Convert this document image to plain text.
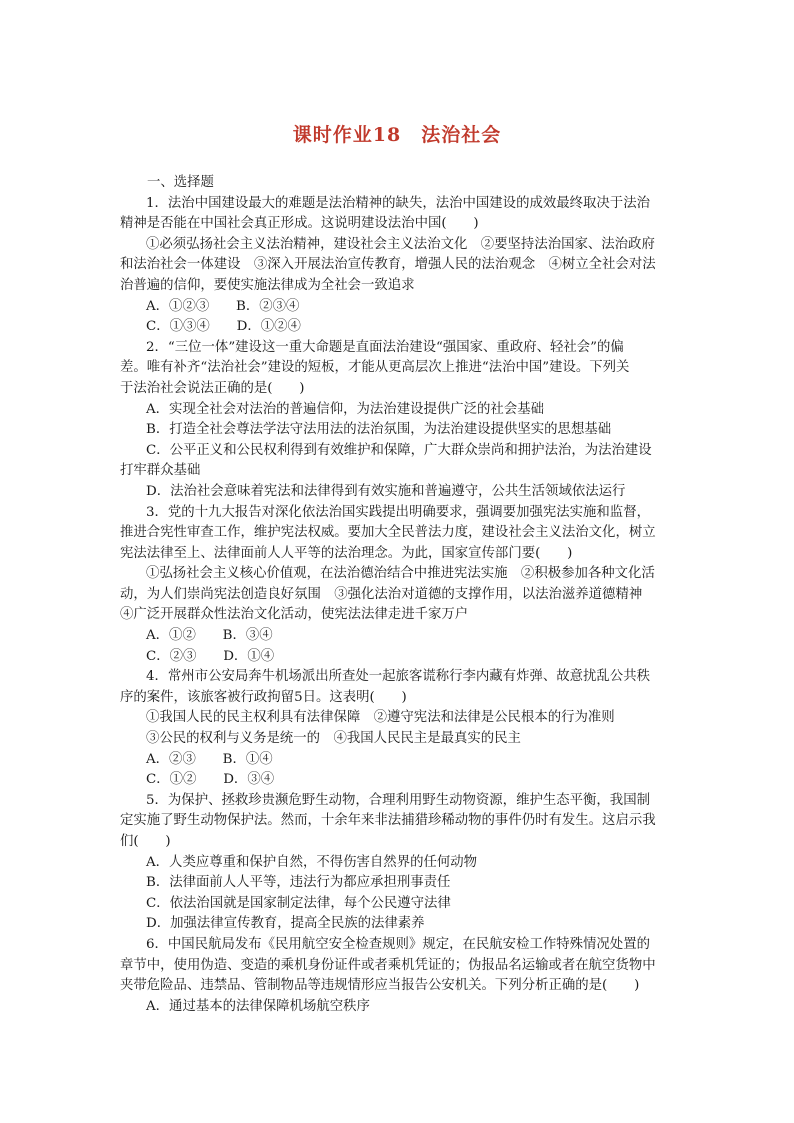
课时作业18　法治社会
一、选择题
1．法治中国建设最大的难题是法治精神的缺失，法治中国建设的成效最终取决于法治
精神是否能在中国社会真正形成。这说明建设法治中国(　　)
①必须弘扬社会主义法治精神，建设社会主义法治文化　②要坚持法治国家、法治政府
和法治社会一体建设　③深入开展法治宣传教育，增强人民的法治观念　④树立全社会对法
治普遍的信仰，要使实施法律成为全社会一致追求
A．①②③　　B．②③④
C．①③④　　D．①②④
2．“三位一体”建设这一重大命题是直面法治建设“强国家、重政府、轻社会”的偏
差。唯有补齐“法治社会”建设的短板，才能从更高层次上推进“法治中国”建设。下列关
于法治社会说法正确的是(　　)
A．实现全社会对法治的普遍信仰，为法治建设提供广泛的社会基础
B．打造全社会尊法学法守法用法的法治氛围，为法治建设提供坚实的思想基础
C．公平正义和公民权利得到有效维护和保障，广大群众崇尚和拥护法治，为法治建设
打牢群众基础
D．法治社会意味着宪法和法律得到有效实施和普遍遵守，公共生活领域依法运行
3．党的十九大报告对深化依法治国实践提出明确要求，强调要加强宪法实施和监督，
推进合宪性审查工作，维护宪法权威。要加大全民普法力度，建设社会主义法治文化，树立
宪法法律至上、法律面前人人平等的法治理念。为此，国家宣传部门要(　　)
①弘扬社会主义核心价值观，在法治德治结合中推进宪法实施　②积极参加各种文化活
动，为人们崇尚宪法创造良好氛围　③强化法治对道德的支撑作用，以法治滋养道德精神
④广泛开展群众性法治文化活动，使宪法法律走进千家万户
A．①②　　B．③④
C．②③　　D．①④
4．常州市公安局奔牛机场派出所查处一起旅客谎称行李内藏有炸弹、故意扰乱公共秩
序的案件，该旅客被行政拘留5日。这表明(　　)
①我国人民的民主权利具有法律保障　②遵守宪法和法律是公民根本的行为准则
③公民的权利与义务是统一的　④我国人民民主是最真实的民主
A．②③　　B．①④
C．①②　　D．③④
5．为保护、拯救珍贵濒危野生动物，合理利用野生动物资源，维护生态平衡，我国制
定实施了野生动物保护法。然而，十余年来非法捕猎珍稀动物的事件仍时有发生。这启示我
们(　　)
A．人类应尊重和保护自然，不得伤害自然界的任何动物
B．法律面前人人平等，违法行为都应承担刑事责任
C．依法治国就是国家制定法律，每个公民遵守法律
D．加强法律宣传教育，提高全民族的法律素养
6．中国民航局发布《民用航空安全检查规则》规定，在民航安检工作特殊情况处置的
章节中，使用伪造、变造的乘机身份证件或者乘机凭证的；伪报品名运输或者在航空货物中
夹带危险品、违禁品、管制物品等违规情形应当报告公安机关。下列分析正确的是(　　)
A．通过基本的法律保障机场航空秩序
